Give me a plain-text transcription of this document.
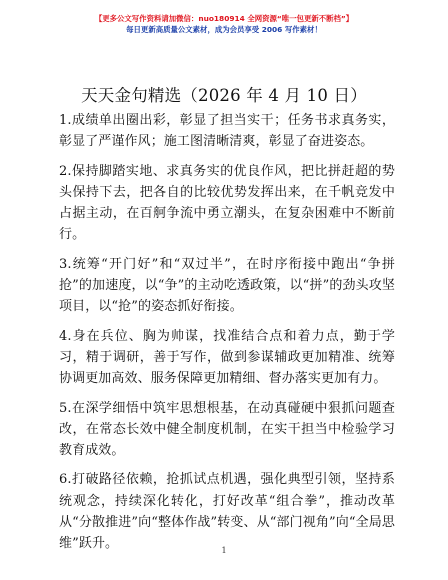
【更多公文写作资料请加微信：nuo180914 全网资源“唯一包更新不断档”】
每日更新高质量公文素材，成为会员享受 2006 写作素材！
天天金句精选（2026 年 4 月 10 日）

1.成绩单出圈出彩，彰显了担当实干；任务书求真务实，彰显了严谨作风；施工图清晰清爽，彰显了奋进姿态。

2.保持脚踏实地、求真务实的优良作风，把比拼赶超的势头保持下去，把各自的比较优势发挥出来，在千帆竞发中占据主动，在百舸争流中勇立潮头，在复杂困难中不断前行。

3.统筹“开门好”和“双过半”，在时序衔接中跑出“争拼抢”的加速度，以“争”的主动吃透政策，以“拼”的劲头攻坚项目，以“抢”的姿态抓好衔接。

4.身在兵位、胸为帅谋，找准结合点和着力点，勤于学习，精于调研，善于写作，做到参谋辅政更加精准、统筹协调更加高效、服务保障更加精细、督办落实更加有力。

5.在深学细悟中筑牢思想根基，在动真碰硬中狠抓问题查改，在常态长效中健全制度机制，在实干担当中检验学习教育成效。

6.打破路径依赖，抢抓试点机遇，强化典型引领，坚持系统观念，持续深化转化，打好改革“组合拳”，推动改革从“分散推进”向“整体作战”转变、从“部门视角”向“全局思维”跃升。	1
